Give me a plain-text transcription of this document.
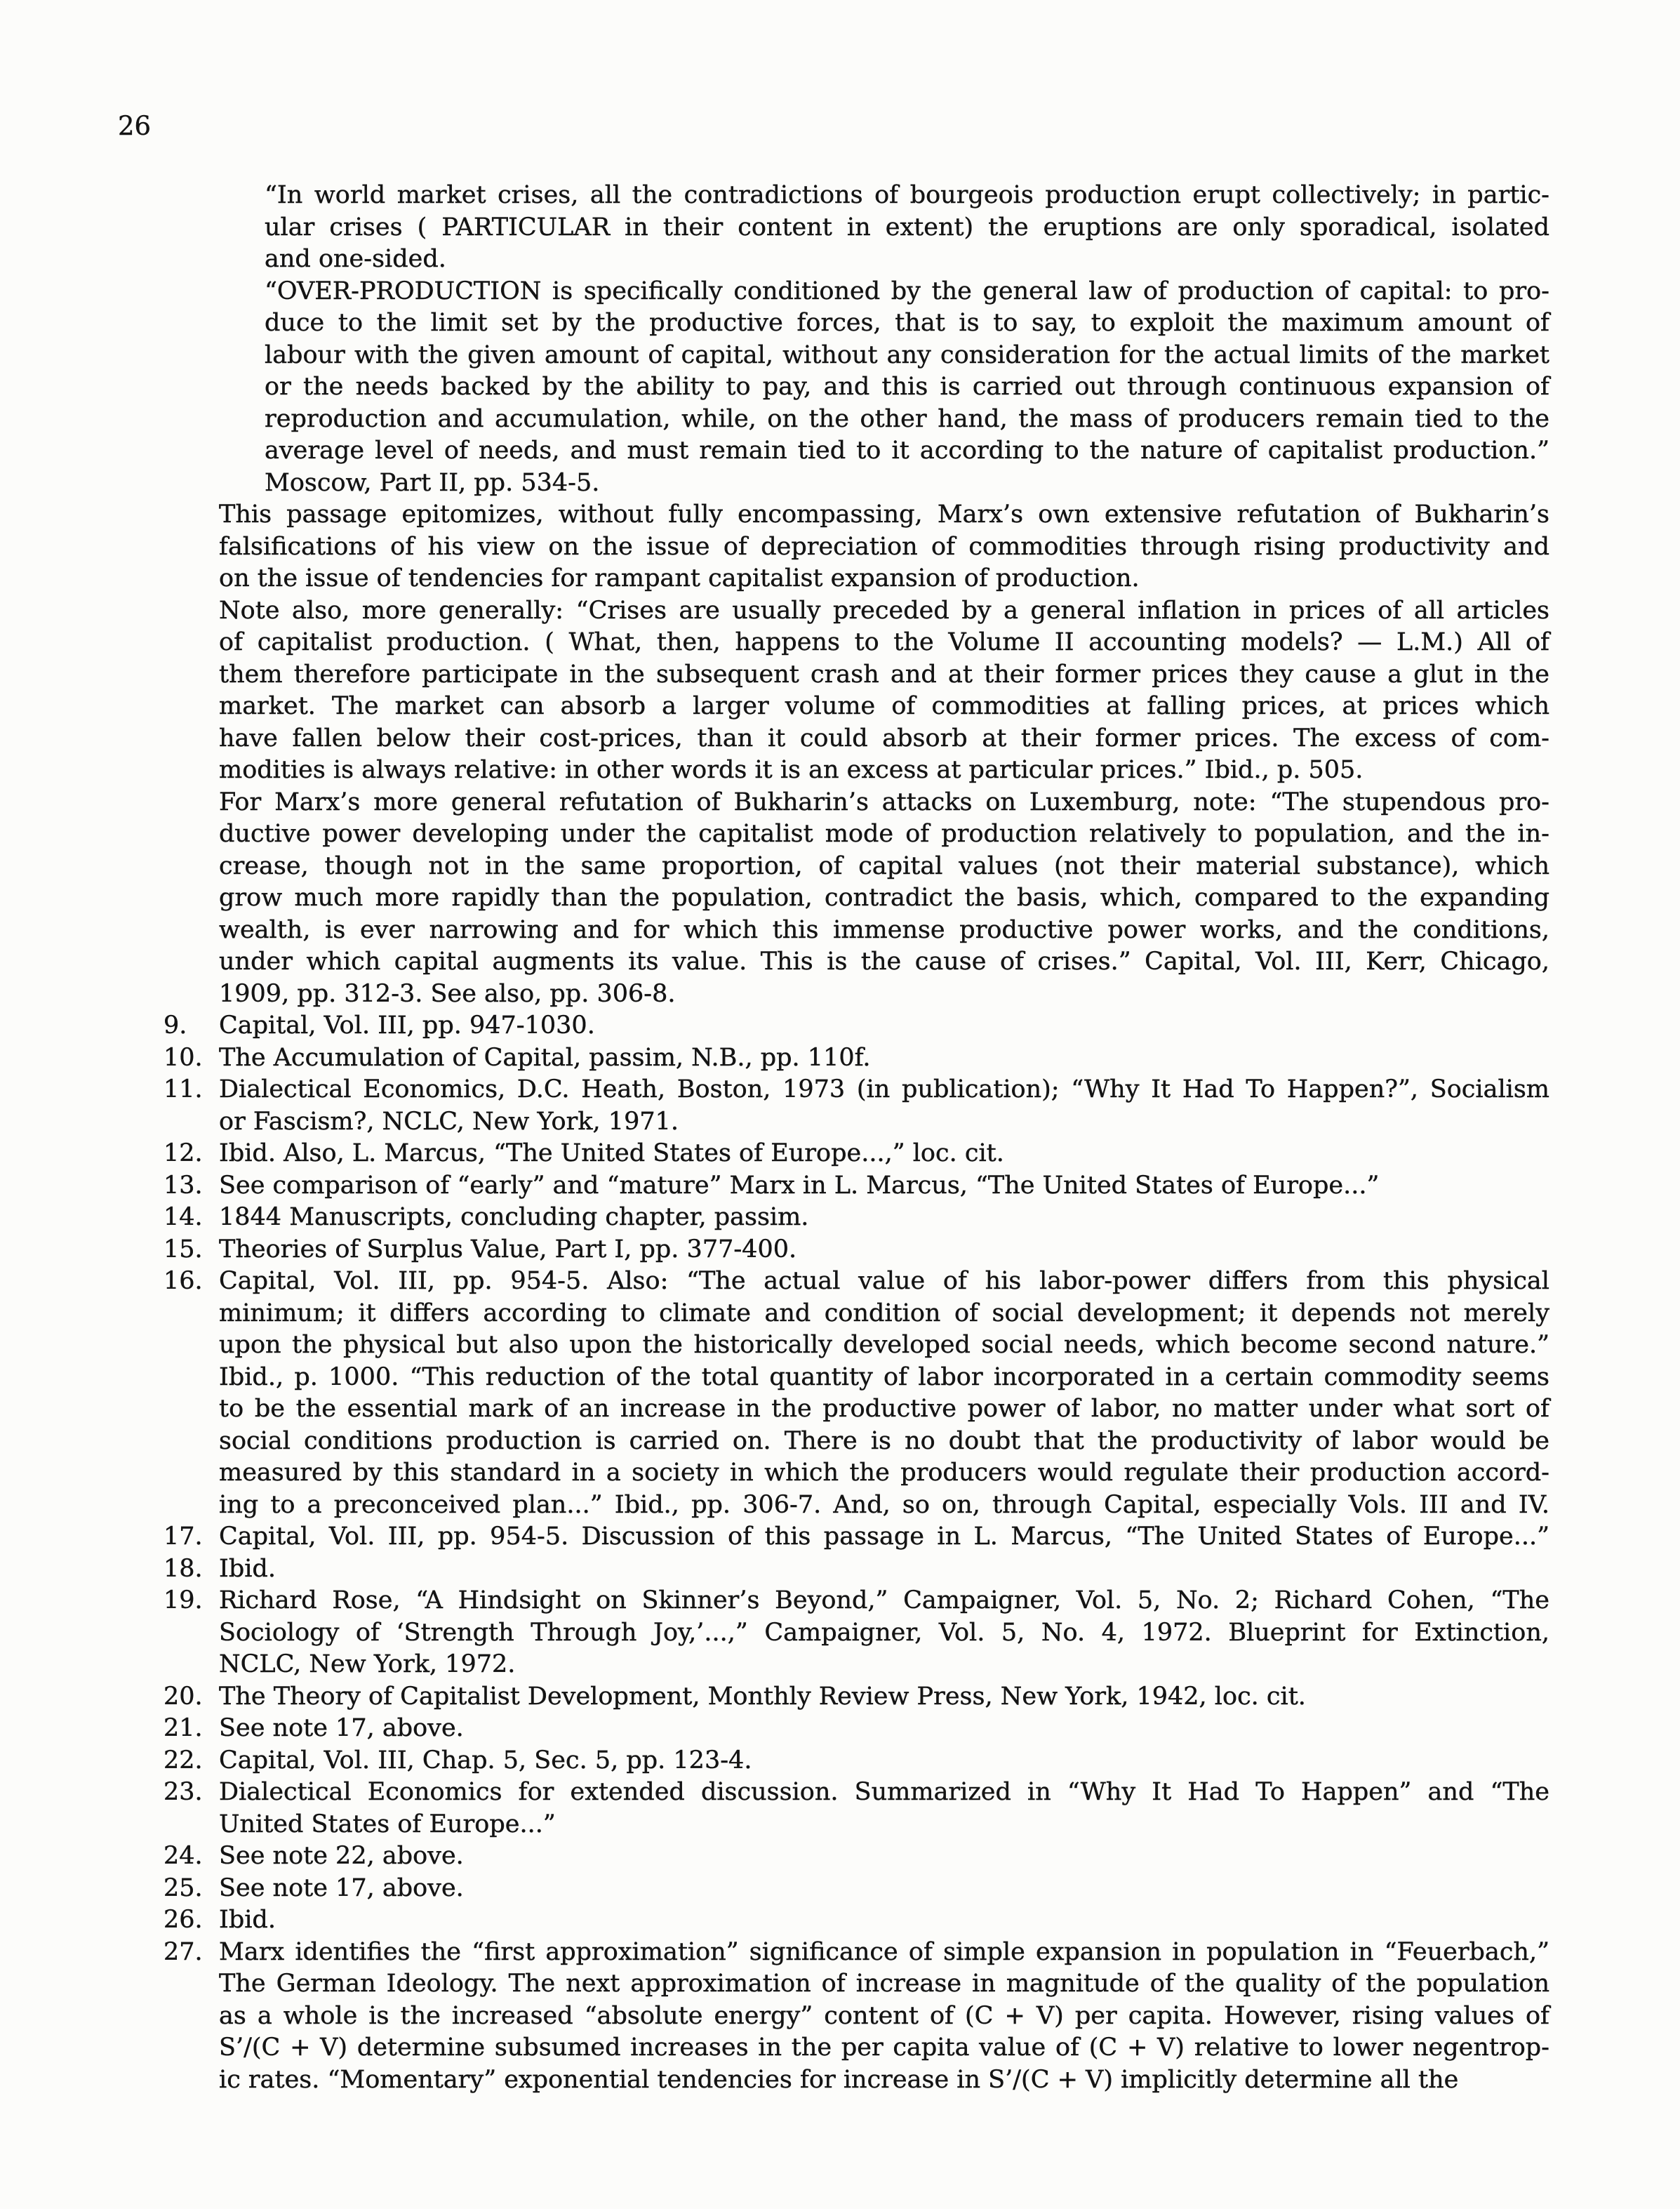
26
“In world market crises, all the contradictions of bourgeois production erupt collectively; in partic-
ular crises ( PARTICULAR in their content in extent) the eruptions are only sporadical, isolated
and one-sided.
“OVER-PRODUCTION is specifically conditioned by the general law of production of capital: to pro-
duce to the limit set by the productive forces, that is to say, to exploit the maximum amount of
labour with the given amount of capital, without any consideration for the actual limits of the market
or the needs backed by the ability to pay, and this is carried out through continuous expansion of
reproduction and accumulation, while, on the other hand, the mass of producers remain tied to the
average level of needs, and must remain tied to it according to the nature of capitalist production.”
Moscow, Part II, pp. 534-5.
This passage epitomizes, without fully encompassing, Marx’s own extensive refutation of Bukharin’s
falsifications of his view on the issue of depreciation of commodities through rising productivity and
on the issue of tendencies for rampant capitalist expansion of production.
Note also, more generally: “Crises are usually preceded by a general inflation in prices of all articles
of capitalist production. ( What, then, happens to the Volume II accounting models? — L.M.) All of
them therefore participate in the subsequent crash and at their former prices they cause a glut in the
market. The market can absorb a larger volume of commodities at falling prices, at prices which
have fallen below their cost-prices, than it could absorb at their former prices. The excess of com-
modities is always relative: in other words it is an excess at particular prices.” Ibid., p. 505.
For Marx’s more general refutation of Bukharin’s attacks on Luxemburg, note: “The stupendous pro-
ductive power developing under the capitalist mode of production relatively to population, and the in-
crease, though not in the same proportion, of capital values (not their material substance), which
grow much more rapidly than the population, contradict the basis, which, compared to the expanding
wealth, is ever narrowing and for which this immense productive power works, and the conditions,
under which capital augments its value. This is the cause of crises.” Capital, Vol. III, Kerr, Chicago,
1909, pp. 312-3. See also, pp. 306-8.
9.	Capital, Vol. III, pp. 947-1030.
10. The Accumulation of Capital, passim, N.B., pp. 110f.
11. Dialectical Economics, D.C. Heath, Boston, 1973 (in publication); “Why It Had To Happen?”, Socialism
or Fascism?, NCLC, New York, 1971.
12. Ibid. Also, L. Marcus, “The United States of Europe...,” loc. cit.
13. See comparison of “early” and “mature” Marx in L. Marcus, “The United States of Europe...”
14. 1844 Manuscripts, concluding chapter, passim.
15. Theories of Surplus Value, Part I, pp. 377-400.
16. Capital, Vol. III, pp. 954-5. Also: “The actual value of his labor-power differs from this physical
minimum; it differs according to climate and condition of social development; it depends not merely
upon the physical but also upon the historically developed social needs, which become second nature.”
Ibid., p. 1000. “This reduction of the total quantity of labor incorporated in a certain commodity seems
to be the essential mark of an increase in the productive power of labor, no matter under what sort of
social conditions production is carried on. There is no doubt that the productivity of labor would be
measured by this standard in a society in which the producers would regulate their production accord-
ing to a preconceived plan...” Ibid., pp. 306-7. And, so on, through Capital, especially Vols. III and IV.
17. Capital, Vol. III, pp. 954-5. Discussion of this passage in L. Marcus, “The United States of Europe...”
18. Ibid.
19. Richard Rose, “A Hindsight on Skinner’s Beyond,” Campaigner, Vol. 5, No. 2; Richard Cohen, “The
Sociology of ‘Strength Through Joy,’...,” Campaigner, Vol. 5, No. 4, 1972. Blueprint for Extinction,
NCLC, New York, 1972.
20. The Theory of Capitalist Development, Monthly Review Press, New York, 1942, loc. cit.
21. See note 17, above.
22. Capital, Vol. III, Chap. 5, Sec. 5, pp. 123-4.
23. Dialectical Economics for extended discussion. Summarized in “Why It Had To Happen” and “The
United States of Europe...”
24. See note 22, above.
25. See note 17, above.
26. Ibid.
27. Marx identifies the “first approximation” significance of simple expansion in population in “Feuerbach,”
The German Ideology. The next approximation of increase in magnitude of the quality of the population
as a whole is the increased “absolute energy” content of (C + V) per capita. However, rising values of
S’/(C + V) determine subsumed increases in the per capita value of (C + V) relative to lower negentrop-
ic rates. “Momentary” exponential tendencies for increase in S’/(C + V) implicitly determine all the
